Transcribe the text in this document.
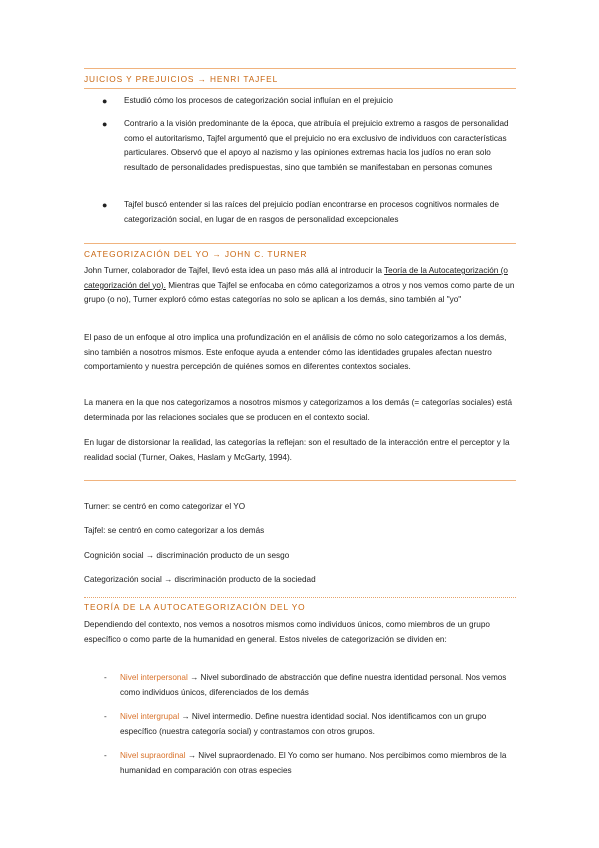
JUICIOS Y PREJUICIOS → HENRI TAJFEL
● Estudió cómo los procesos de categorización social influían en el prejuicio
● Contrario a la visión predominante de la época, que atribuía el prejuicio extremo a rasgos de personalidad como el autoritarismo, Tajfel argumentó que el prejuicio no era exclusivo de individuos con características particulares. Observó que el apoyo al nazismo y las opiniones extremas hacia los judíos no eran solo resultado de personalidades predispuestas, sino que también se manifestaban en personas comunes
● Tajfel buscó entender si las raíces del prejuicio podían encontrarse en procesos cognitivos normales de categorización social, en lugar de en rasgos de personalidad excepcionales
CATEGORIZACIÓN DEL YO → JOHN C. TURNER
John Turner, colaborador de Tajfel, llevó esta idea un paso más allá al introducir la Teoría de la Autocategorización (o categorización del yo). Mientras que Tajfel se enfocaba en cómo categorizamos a otros y nos vemos como parte de un grupo (o no), Turner exploró cómo estas categorías no solo se aplican a los demás, sino también al "yo"
El paso de un enfoque al otro implica una profundización en el análisis de cómo no solo categorizamos a los demás, sino también a nosotros mismos. Este enfoque ayuda a entender cómo las identidades grupales afectan nuestro comportamiento y nuestra percepción de quiénes somos en diferentes contextos sociales.
La manera en la que nos categorizamos a nosotros mismos y categorizamos a los demás (= categorías sociales) está determinada por las relaciones sociales que se producen en el contexto social.
En lugar de distorsionar la realidad, las categorías la reflejan: son el resultado de la interacción entre el perceptor y la realidad social (Turner, Oakes, Haslam y McGarty, 1994).
Turner: se centró en como categorizar el YO
Tajfel: se centró en como categorizar a los demás
Cognición social → discriminación producto de un sesgo
Categorización social → discriminación producto de la sociedad
TEORÍA DE LA AUTOCATEGORIZACIÓN DEL YO
Dependiendo del contexto, nos vemos a nosotros mismos como individuos únicos, como miembros de un grupo específico o como parte de la humanidad en general. Estos niveles de categorización se dividen en:
- Nivel interpersonal → Nivel subordinado de abstracción que define nuestra identidad personal. Nos vemos como individuos únicos, diferenciados de los demás
- Nivel intergrupal → Nivel intermedio. Define nuestra identidad social. Nos identificamos con un grupo específico (nuestra categoría social) y contrastamos con otros grupos.
- Nivel supraordinal → Nivel supraordenado. El Yo como ser humano. Nos percibimos como miembros de la humanidad en comparación con otras especies
